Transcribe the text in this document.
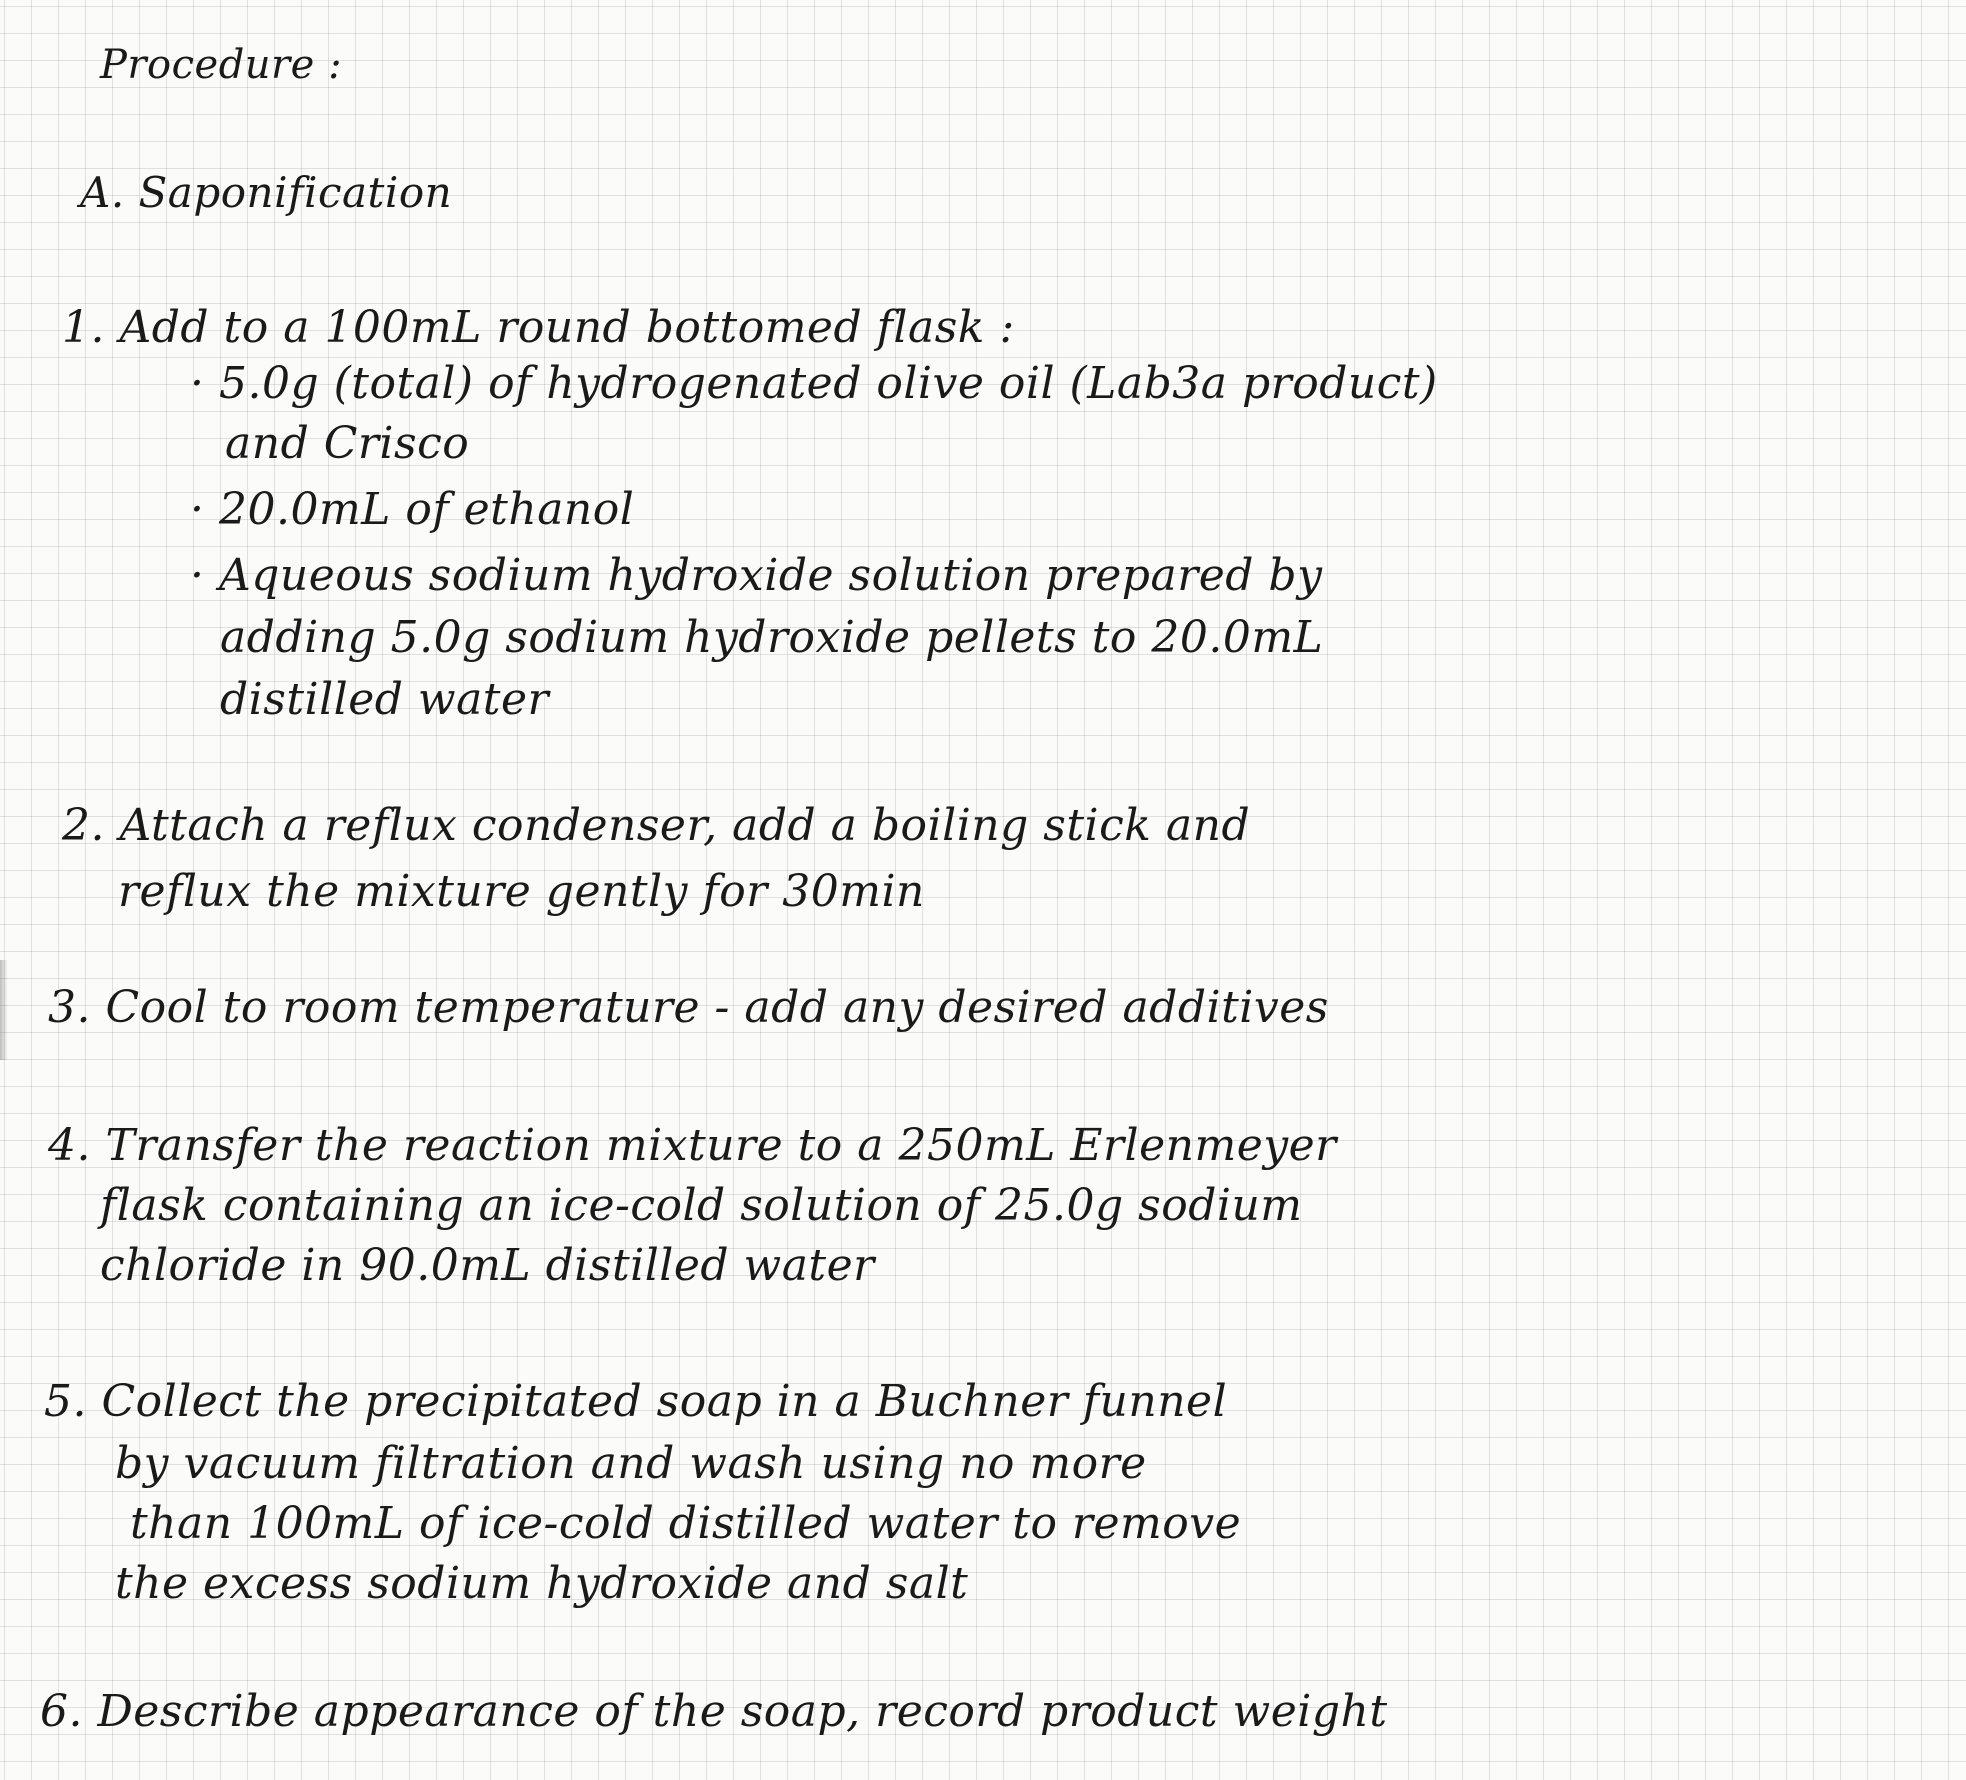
Procedure :
A. Saponification
1. Add to a 100mL round bottomed flask :
· 5.0g (total) of hydrogenated olive oil (Lab3a product)
and Crisco
· 20.0mL of ethanol
· Aqueous sodium hydroxide solution prepared by
adding 5.0g sodium hydroxide pellets to 20.0mL
distilled water
2. Attach a reflux condenser, add a boiling stick and
reflux the mixture gently for 30min
3. Cool to room temperature - add any desired additives
4. Transfer the reaction mixture to a 250mL Erlenmeyer
flask containing an ice-cold solution of 25.0g sodium
chloride in 90.0mL distilled water
5. Collect the precipitated soap in a Buchner funnel
by vacuum filtration and wash using no more
than 100mL of ice-cold distilled water to remove
the excess sodium hydroxide and salt
6. Describe appearance of the soap, record product weight
